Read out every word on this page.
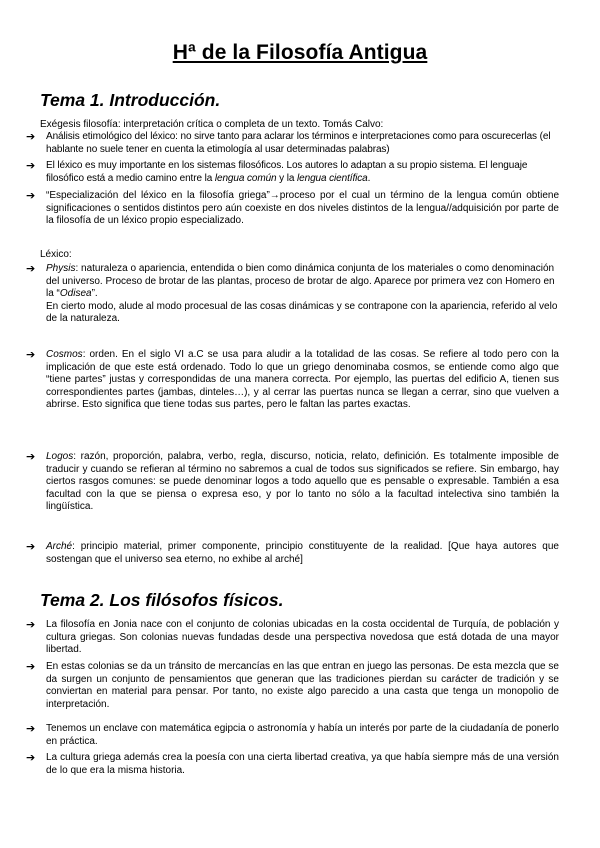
Hª de la Filosofía Antigua
Tema 1. Introducción.
Exégesis filosofía: interpretación crítica o completa de un texto. Tomás Calvo:
➔ Análisis etimológico del léxico: no sirve tanto para aclarar los términos e interpretaciones como para oscurecerlas (el hablante no suele tener en cuenta la etimología al usar determinadas palabras)
➔ El léxico es muy importante en los sistemas filosóficos. Los autores lo adaptan a su propio sistema. El lenguaje filosófico está a medio camino entre la lengua común y la lengua científica.
➔ “Especialización del léxico en la filosofía griega”→proceso por el cual un término de la lengua común obtiene significaciones o sentidos distintos pero aún coexiste en dos niveles distintos de la lengua//adquisición por parte de la filosofía de un léxico propio especializado.
Léxico:
➔ Physis: naturaleza o apariencia, entendida o bien como dinámica conjunta de los materiales o como denominación del universo. Proceso de brotar de las plantas, proceso de brotar de algo. Aparece por primera vez con Homero en la “Odisea”.
En cierto modo, alude al modo procesual de las cosas dinámicas y se contrapone con la apariencia, referido al velo de la naturaleza.
➔ Cosmos: orden. En el siglo VI a.C se usa para aludir a la totalidad de las cosas. Se refiere al todo pero con la implicación de que este está ordenado. Todo lo que un griego denominaba cosmos, se entiende como algo que “tiene partes” justas y correspondidas de una manera correcta. Por ejemplo, las puertas del edificio A, tienen sus correspondientes partes (jambas, dinteles…), y al cerrar las puertas nunca se llegan a cerrar, sino que vuelven a abrirse. Esto significa que tiene todas sus partes, pero le faltan las partes exactas.
➔ Logos: razón, proporción, palabra, verbo, regla, discurso, noticia, relato, definición. Es totalmente imposible de traducir y cuando se refieran al término no sabremos a cual de todos sus significados se refiere. Sin embargo, hay ciertos rasgos comunes: se puede denominar logos a todo aquello que es pensable o expresable. También a esa facultad con la que se piensa o expresa eso, y por lo tanto no sólo a la facultad intelectiva sino también la lingüística.
➔ Arché: principio material, primer componente, principio constituyente de la realidad. [Que haya autores que sostengan que el universo sea eterno, no exhibe al arché]
Tema 2. Los filósofos físicos.
➔ La filosofía en Jonia nace con el conjunto de colonias ubicadas en la costa occidental de Turquía, de población y cultura griegas. Son colonias nuevas fundadas desde una perspectiva novedosa que está dotada de una mayor libertad.
➔ En estas colonias se da un tránsito de mercancías en las que entran en juego las personas. De esta mezcla que se da surgen un conjunto de pensamientos que generan que las tradiciones pierdan su carácter de tradición y se conviertan en material para pensar. Por tanto, no existe algo parecido a una casta que tenga un monopolio de interpretación.
➔ Tenemos un enclave con matemática egipcia o astronomía y había un interés por parte de la ciudadanía de ponerlo en práctica.
➔ La cultura griega además crea la poesía con una cierta libertad creativa, ya que había siempre más de una versión de lo que era la misma historia.
